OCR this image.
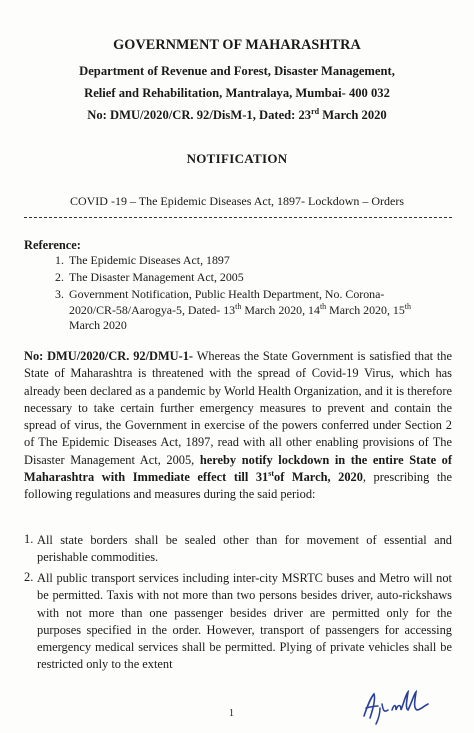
GOVERNMENT OF MAHARASHTRA
Department of Revenue and Forest, Disaster Management,
Relief and Rehabilitation, Mantralaya, Mumbai- 400 032
No: DMU/2020/CR. 92/DisM-1, Dated: 23rd March 2020
NOTIFICATION
COVID -19 – The Epidemic Diseases Act, 1897- Lockdown – Orders
Reference:
1. The Epidemic Diseases Act, 1897
2. The Disaster Management Act, 2005
3. Government Notification, Public Health Department, No. Corona-
2020/CR-58/Aarogya-5, Dated- 13th March 2020, 14th March 2020, 15th
March 2020

No: DMU/2020/CR. 92/DMU-1- Whereas the State Government is satisfied that the State of Maharashtra is threatened with the spread of Covid-19 Virus, which has already been declared as a pandemic by World Health Organization, and it is therefore necessary to take certain further emergency measures to prevent and contain the spread of virus, the Government in exercise of the powers conferred under Section 2 of The Epidemic Diseases Act, 1897, read with all other enabling provisions of The Disaster Management Act, 2005, hereby notify lockdown in the entire State of Maharashtra with Immediate effect till 31stof March, 2020, prescribing the following regulations and measures during the said period:

1. All state borders shall be sealed other than for movement of essential and perishable commodities.

2. All public transport services including inter-city MSRTC buses and Metro will not be permitted. Taxis with not more than two persons besides driver, auto-rickshaws with not more than one passenger besides driver are permitted only for the purposes specified in the order. However, transport of passengers for accessing emergency medical services shall be permitted. Plying of private vehicles shall be restricted only to the extent

1
